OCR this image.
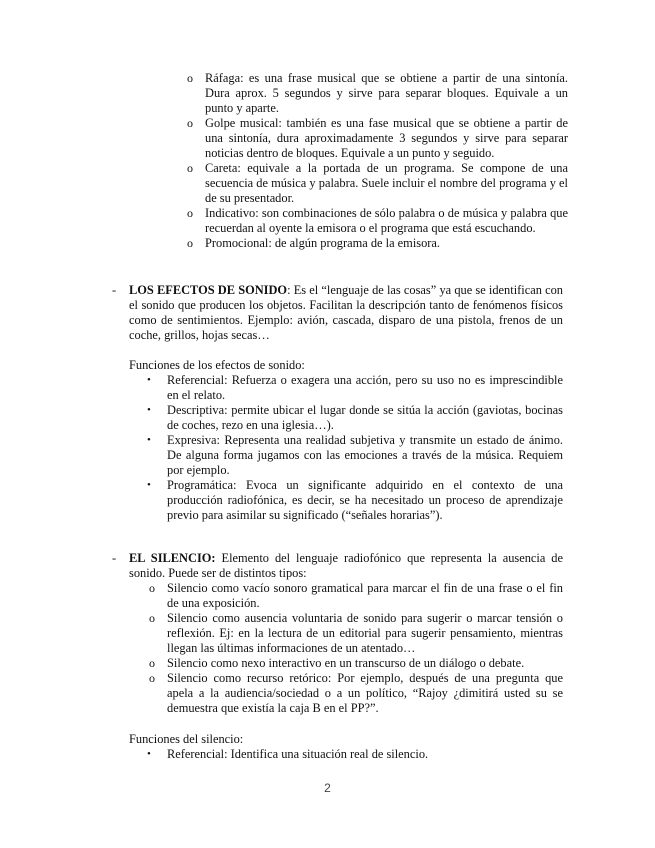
o Ráfaga: es una frase musical que se obtiene a partir de una sintonía. Dura aprox. 5 segundos y sirve para separar bloques. Equivale a un punto y aparte.
o Golpe musical: también es una fase musical que se obtiene a partir de una sintonía, dura aproximadamente 3 segundos y sirve para separar noticias dentro de bloques. Equivale a un punto y seguido.
o Careta: equivale a la portada de un programa. Se compone de una secuencia de música y palabra. Suele incluir el nombre del programa y el de su presentador.
o Indicativo: son combinaciones de sólo palabra o de música y palabra que recuerdan al oyente la emisora o el programa que está escuchando.
o Promocional: de algún programa de la emisora.
- LOS EFECTOS DE SONIDO: Es el “lenguaje de las cosas” ya que se identifican con el sonido que producen los objetos. Facilitan la descripción tanto de fenómenos físicos como de sentimientos. Ejemplo: avión, cascada, disparo de una pistola, frenos de un coche, grillos, hojas secas…
Funciones de los efectos de sonido:
• Referencial: Refuerza o exagera una acción, pero su uso no es imprescindible en el relato.
• Descriptiva: permite ubicar el lugar donde se sitúa la acción (gaviotas, bocinas de coches, rezo en una iglesia…).
• Expresiva: Representa una realidad subjetiva y transmite un estado de ánimo. De alguna forma jugamos con las emociones a través de la música. Requiem por ejemplo.
• Programática: Evoca un significante adquirido en el contexto de una producción radiofónica, es decir, se ha necesitado un proceso de aprendizaje previo para asimilar su significado (“señales horarias”).
- EL SILENCIO: Elemento del lenguaje radiofónico que representa la ausencia de sonido. Puede ser de distintos tipos:
o Silencio como vacío sonoro gramatical para marcar el fin de una frase o el fin de una exposición.
o Silencio como ausencia voluntaria de sonido para sugerir o marcar tensión o reflexión. Ej: en la lectura de un editorial para sugerir pensamiento, mientras llegan las últimas informaciones de un atentado…
o Silencio como nexo interactivo en un transcurso de un diálogo o debate.
o Silencio como recurso retórico: Por ejemplo, después de una pregunta que apela a la audiencia/sociedad o a un político, “Rajoy ¿dimitirá usted su se demuestra que existía la caja B en el PP?”.
Funciones del silencio:
• Referencial: Identifica una situación real de silencio.
2
